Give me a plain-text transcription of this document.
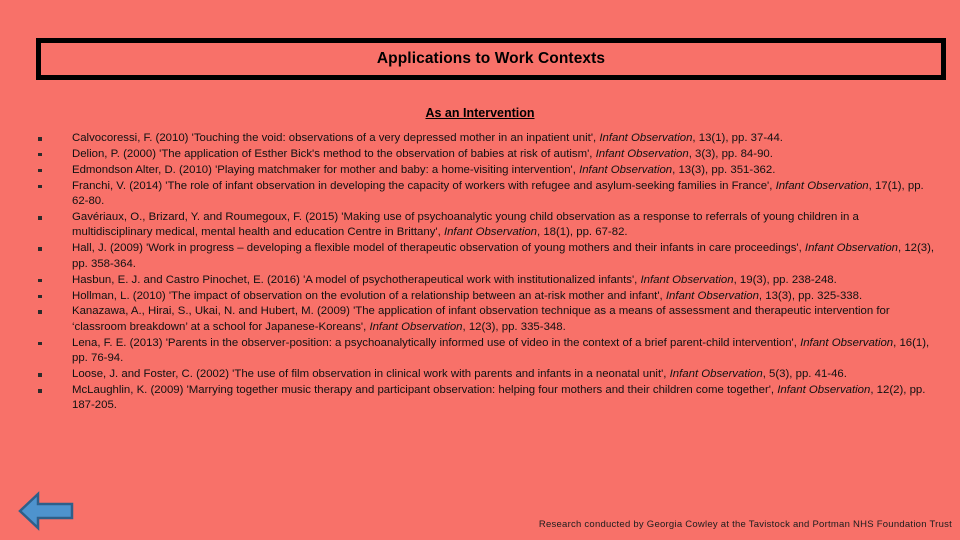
Applications to Work Contexts
As an Intervention
Calvocoressi, F. (2010) 'Touching the void: observations of a very depressed mother in an inpatient unit', Infant Observation, 13(1), pp. 37-44.
Delion, P. (2000) 'The application of Esther Bick's method to the observation of babies at risk of autism', Infant Observation, 3(3), pp. 84-90.
Edmondson Alter, D. (2010) 'Playing matchmaker for mother and baby: a home-visiting intervention', Infant Observation, 13(3), pp. 351-362.
Franchi, V. (2014) 'The role of infant observation in developing the capacity of workers with refugee and asylum-seeking families in France', Infant Observation, 17(1), pp. 62-80.
Gavériaux, O., Brizard, Y. and Roumegoux, F. (2015) 'Making use of psychoanalytic young child observation as a response to referrals of young children in a multidisciplinary medical, mental health and education Centre in Brittany', Infant Observation, 18(1), pp. 67-82.
Hall, J. (2009) 'Work in progress – developing a flexible model of therapeutic observation of young mothers and their infants in care proceedings', Infant Observation, 12(3), pp. 358-364.
Hasbun, E. J. and Castro Pinochet, E. (2016) 'A model of psychotherapeutical work with institutionalized infants', Infant Observation, 19(3), pp. 238-248.
Hollman, L. (2010) 'The impact of observation on the evolution of a relationship between an at-risk mother and infant', Infant Observation, 13(3), pp. 325-338.
Kanazawa, A., Hirai, S., Ukai, N. and Hubert, M. (2009) 'The application of infant observation technique as a means of assessment and therapeutic intervention for ‘classroom breakdown’ at a school for Japanese-Koreans', Infant Observation, 12(3), pp. 335-348.
Lena, F. E. (2013) 'Parents in the observer-position: a psychoanalytically informed use of video in the context of a brief parent-child intervention', Infant Observation, 16(1), pp. 76-94.
Loose, J. and Foster, C. (2002) 'The use of film observation in clinical work with parents and infants in a neonatal unit', Infant Observation, 5(3), pp. 41-46.
McLaughlin, K. (2009) 'Marrying together music therapy and participant observation: helping four mothers and their children come together', Infant Observation, 12(2), pp. 187-205.
Research conducted by Georgia Cowley at the Tavistock and Portman NHS Foundation Trust
